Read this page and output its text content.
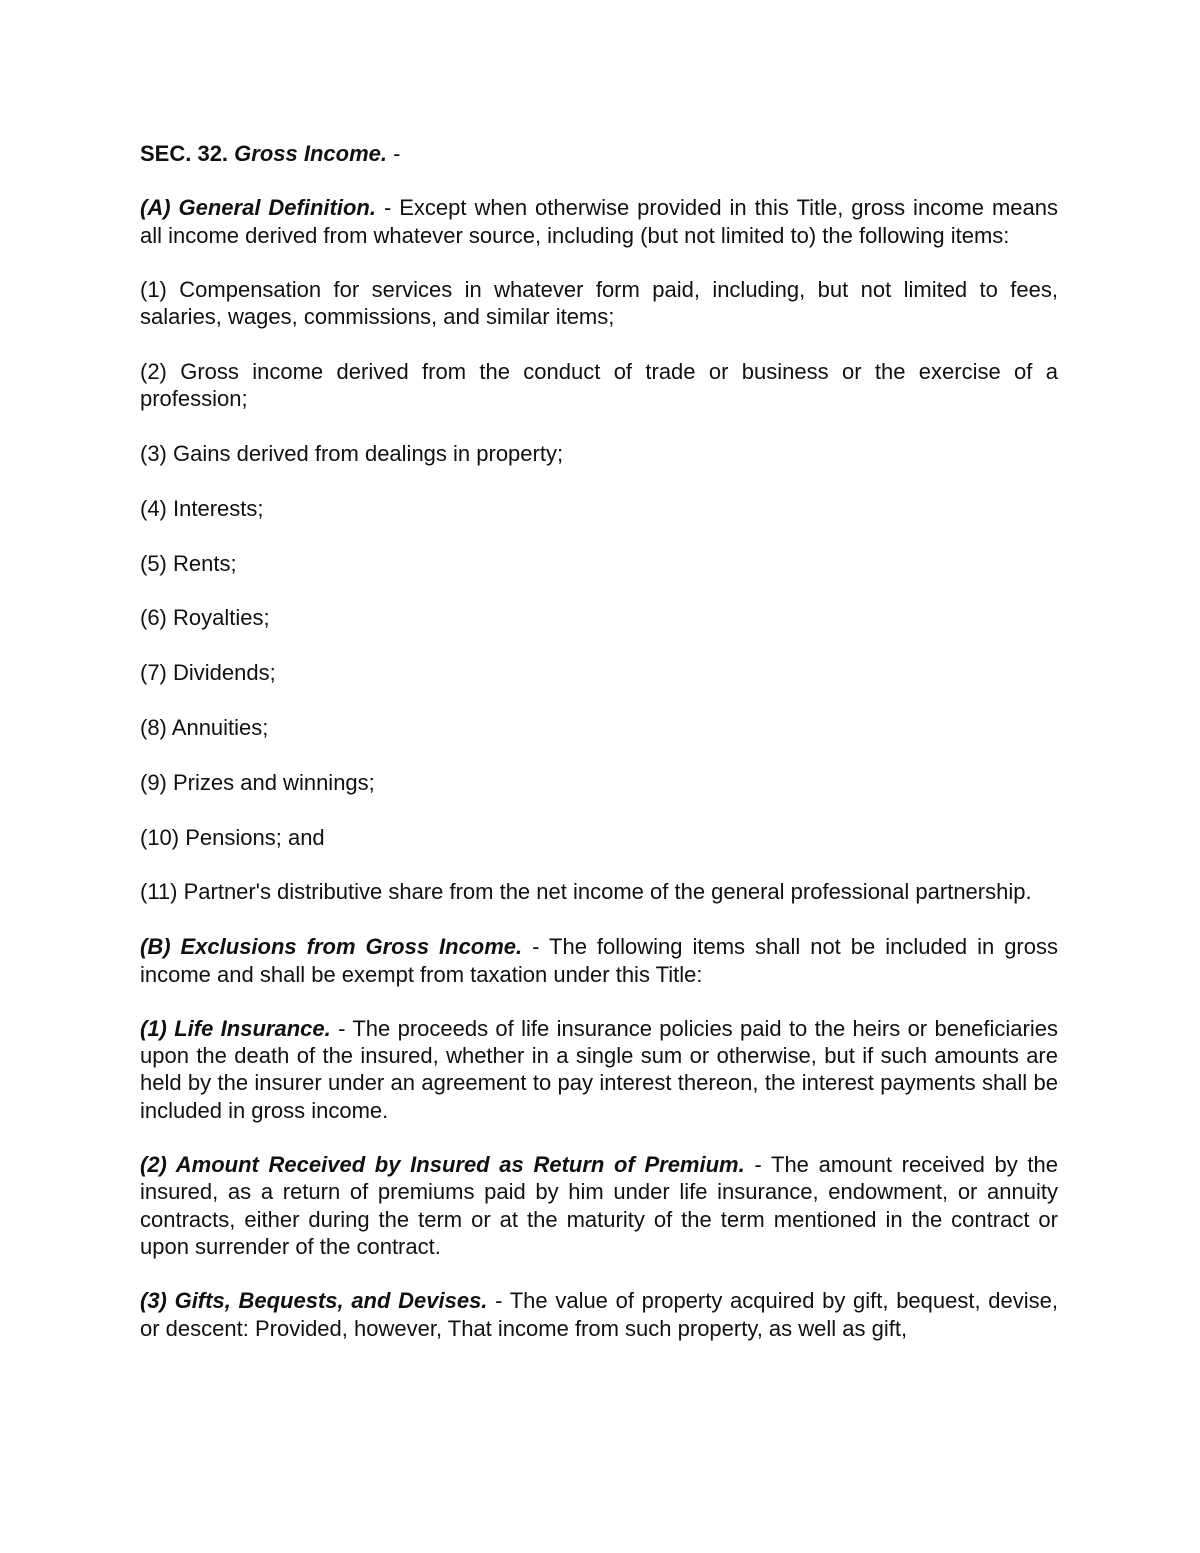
SEC. 32. Gross Income. -
(A) General Definition. - Except when otherwise provided in this Title, gross income means all income derived from whatever source, including (but not limited to) the following items:
(1) Compensation for services in whatever form paid, including, but not limited to fees, salaries, wages, commissions, and similar items;
(2) Gross income derived from the conduct of trade or business or the exercise of a profession;
(3) Gains derived from dealings in property;
(4) Interests;
(5) Rents;
(6) Royalties;
(7) Dividends;
(8) Annuities;
(9) Prizes and winnings;
(10) Pensions; and
(11) Partner's distributive share from the net income of the general professional partnership.
(B) Exclusions from Gross Income. - The following items shall not be included in gross income and shall be exempt from taxation under this Title:
(1) Life Insurance. - The proceeds of life insurance policies paid to the heirs or beneficiaries upon the death of the insured, whether in a single sum or otherwise, but if such amounts are held by the insurer under an agreement to pay interest thereon, the interest payments shall be included in gross income.
(2) Amount Received by Insured as Return of Premium. - The amount received by the insured, as a return of premiums paid by him under life insurance, endowment, or annuity contracts, either during the term or at the maturity of the term mentioned in the contract or upon surrender of the contract.
(3) Gifts, Bequests, and Devises. - The value of property acquired by gift, bequest, devise, or descent: Provided, however, That income from such property, as well as gift,
